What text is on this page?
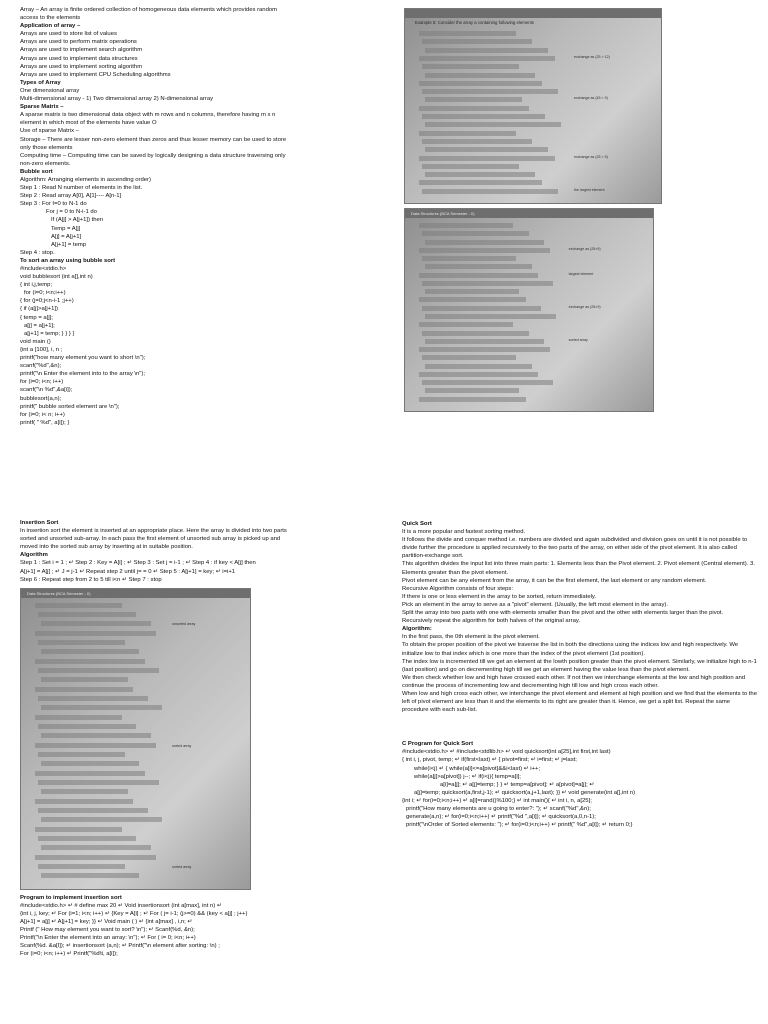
Array – An array is finite ordered collection of homogeneous data elements which provides random
access to the elements
Application of array –
Arrays are used to store list of values
Arrays are used to perform matrix operations
Arrays are used to implement search algorithm
Arrays are used to implement data structures
Arrays are used to implement sorting algorithm
Arrays are used to implement CPU Scheduling algorithms
Types of Array
One dimensional array
Multi-dimensional array - 1) Two dimensional array 2) N-dimensional array
Sparse Matrix –
A sparse matrix is two dimensional data object with m rows and n columns, therefore having m x n
element in which most of the elements have value O
Use of sparse Matrix –
Storage – There are lesser non-zero element than zeros and thus lesser memory can be used to store
only those elements
Computing time – Computing time can be saved by logically designing a data structure traversing only
non-zero elements.
Bubble sort
Algorithm: Arranging elements in ascending order)
Step 1 : Read N number of elements in the list.
Step 2 : Read array A[0], A[1]---- A[n-1]
Step 3 : For I=0 to N-1 do
For j = 0 to N-i-1 do
If (A[j] > A[j+1]) then
Temp = A[j]
A[j] = A[j+1]
A[j+1] = temp
Step 4 : stop.
To sort an array using bubble sort
#include<stdio.h>
void bubblesort (int a[],int n)
{ int i,j,temp;
for (i=0; i<n;i++)
{ for (j=0;j<n-i-1 ;j++)
{ if (a[j]>a[j+1])
{ temp = a[j];
a[j] = a[j+1];
a[j+1] = temp; } } } }
void main ()
{int a [100], i, n ;
printf("how many element you want to short \n");
scanf("%d",&n);
printf("\n Enter the element into to the array \n");
for (i=0; i<n; i++)
scanf("\n %d",&a[i]);
bubblesort(a,n);
printf(" bubble sorted element are \n");
for (i=0; i< n; i++)
printf( " %d", a[i]); }
Example 5: Consider the array a containing following elements
exchange as (25 > 12)
exchange as (45 > 9)
exchange as (25 > 9)
the largest element
Data Structures (BCA Semester - II)
exchange as (25>9)
largest element
exchange as (25>9)
sorted array
Insertion Sort
In insertion sort the element is inserted at an appropriate place. Here the array is divided into two parts
sorted and unsorted sub-array. In each pass the first element of unsorted sub array is picked up and
moved into the sorted sub array by inserting at in suitable position.
Algorithm
Step 1 : Set i = 1 ; ↵ Step 2 : Key = A[i] ; ↵ Step 3 : Set j = i-1 ; ↵ Step 4 : if key < A[j] then
A[j+1] = A[j] ; ↵ J = j-1 ↵ Repeat step 2 until j= = 0 ↵ Step 5 : A[j+1] = key; ↵ i=i+1
Step 6 : Repeat step from 2 to 5 till i<n ↵ Step 7 : stop
Data Structures (BCA Semester - II)
unsorted array
sorted array
sorted array
Program to implement insertion sort
#include<stdio.h> ↵ # define max 20 ↵ Void insertionsort (int a[max], int n) ↵
{int i, j, key; ↵ For (i=1; i<n; i++) ↵ {Key = A[i] ; ↵ For ( j= i-1; (j>=0) && (key < a[j] ; j++)
A[j+1] = a[j] ↵ A[j+1] = key; }} ↵ Void main ( ) ↵ {int a[max] , i,n; ↵
Printf (" How may element you want to sort? \n"); ↵ Scanf(%d, &n);
Printf("\n Enter the element into an array: \n"); ↵ For ( i= 0; i<n; i++)
Scanf(%d. &a[I]); ↵ insertionsort (a,n); ↵ Printf("\n element after sorting: \n) ;
For (i=0; i<n; i++) ↵ Printf("%d\t, a[i]);
Quick Sort
It is a more popular and fastest sorting method.
It follows the divide and conquer method i.e. numbers are divided and again subdivided and division goes on until it is not possible to divide further the procedure is applied recursively to the two parts of the array, on either side of the pivot element. It is also called partition-exchange sort.
This algorithm divides the input list into three main parts: 1. Elements less than the Pivot element. 2. Pivot element (Central element). 3. Elements greater than the pivot element.
Pivot element can be any element from the array, it can be the first element, the last element or any random element.
Recursive Algorithm consists of four steps:
If there is one or less element in the array to be sorted, return immediately.
Pick an element in the array to serve as a "pivot" element. (Usually, the left most element in the array).
Split the array into two parts with one with elements smaller than the pivot and the other with elements larger than the pivot.
Recursively repeat the algorithm for both halves of the original array.
Algorithm:
In the first pass, the 0th element is the pivot element.
To obtain the proper position of the pivot we traverse the list in both the directions using the indices low and high respectively. We initialize low to that index which is one more than the index of the pivot element (1st position).
The index low is incremented till we get an element at the lowth position greater than the pivot element. Similarly, we initialize high to n-1 (last position) and go on decrementing high till we get an element having the value less than the pivot element.
We then check whether low and high have crossed each other. If not then we interchange elements at the low and high position and continue the process of incrementing low and decrementing high till low and high cross each other.
When low and high cross each other, we interchange the pivot element and element at high position and we find that the elements to the left of pivot element are less than it and the elements to its right are greater than it. Hence, we get a split list. Repeat the same procedure with each sub-list.
C Program for Quick Sort
#include<stdio.h> ↵ #include<stdlib.h> ↵ void quicksort(int a[25],int first,int last)
{ int i, j, pivot, temp; ↵ if(first<last) ↵ { pivot=first; ↵ i=first; ↵ j=last;
while(i<j) ↵ { while(a[i]<=a[pivot]&&i<last) ↵ i++;
while(a[j]>a[pivot]) j--; ↵ if(i<j){ temp=a[i];
a[i]=a[j]; ↵ a[j]=temp; } } ↵ temp=a[pivot]; ↵ a[pivot]=a[j]; ↵
a[j]=temp; quicksort(a,first,j-1); ↵ quicksort(a,j+1,last); }} ↵ void generate(int a[],int n)
{int i; ↵ for(i=0;i<n;i++) ↵ a[i]=rand()%100;} ↵ int main(){ ↵ int i, n, a[25];
printf("How many elements are u going to enter?: "); ↵ scanf("%d",&n);
generate(a,n); ↵ for(i=0;i<n;i++) ↵ printf("%d ",a[i]); ↵ quicksort(a,0,n-1);
printf("\nOrder of Sorted elements: "); ↵ for(i=0;i<n;i++) ↵ printf(" %d",a[i]); ↵ return 0;}
